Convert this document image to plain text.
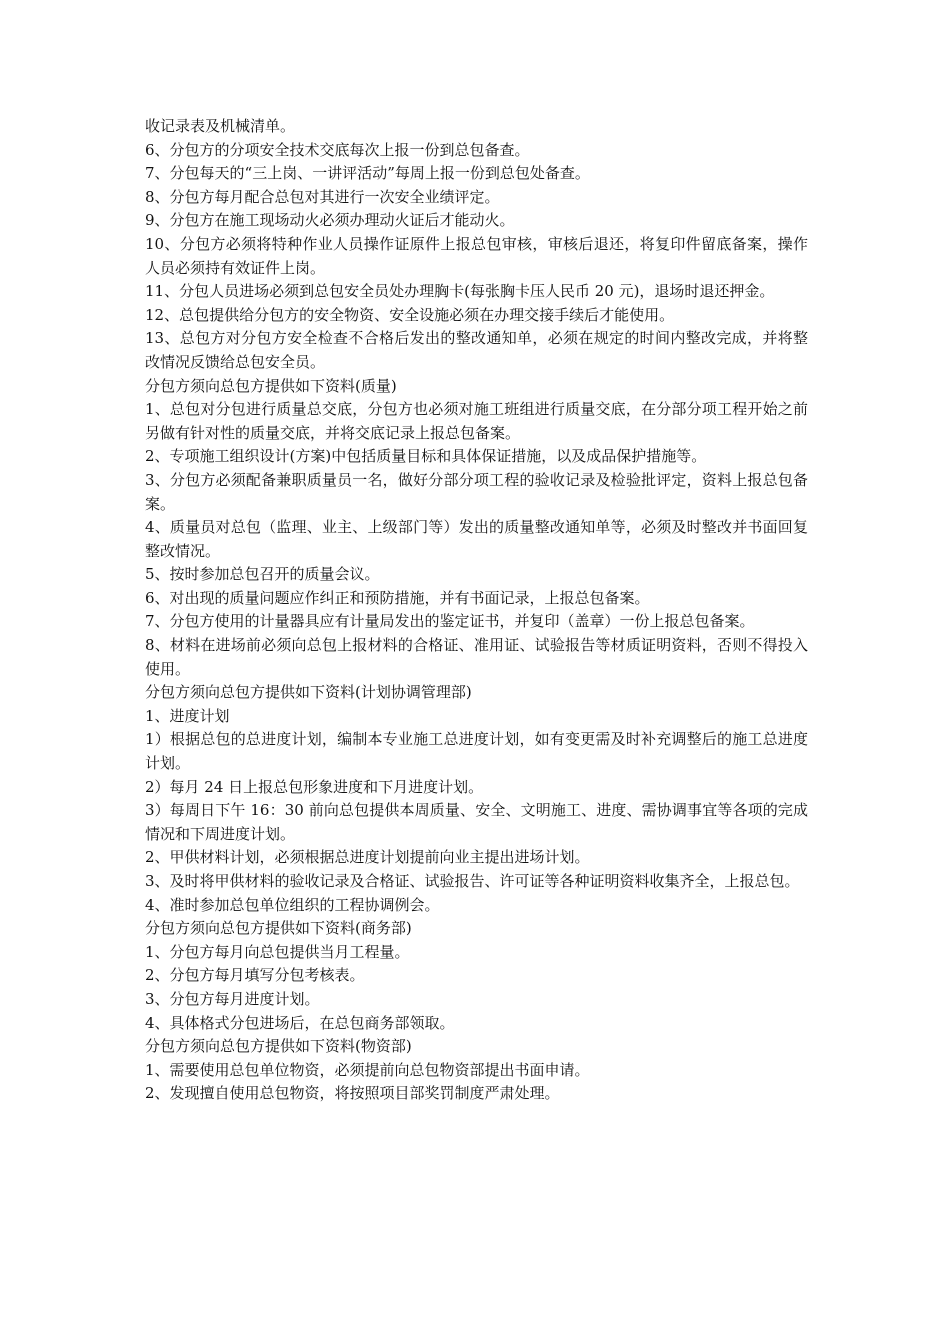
收记录表及机械清单。

6、分包方的分项安全技术交底每次上报一份到总包备查。

7、分包每天的“三上岗、一讲评活动”每周上报一份到总包处备查。

8、分包方每月配合总包对其进行一次安全业绩评定。

9、分包方在施工现场动火必须办理动火证后才能动火。

10、分包方必须将特种作业人员操作证原件上报总包审核，审核后退还，将复印件留底备案，操作人员必须持有效证件上岗。

11、分包人员进场必须到总包安全员处办理胸卡(每张胸卡压人民币 20 元)，退场时退还押金。

12、总包提供给分包方的安全物资、安全设施必须在办理交接手续后才能使用。

13、总包方对分包方安全检查不合格后发出的整改通知单，必须在规定的时间内整改完成，并将整改情况反馈给总包安全员。

分包方须向总包方提供如下资料(质量)

1、总包对分包进行质量总交底，分包方也必须对施工班组进行质量交底，在分部分项工程开始之前另做有针对性的质量交底，并将交底记录上报总包备案。

2、专项施工组织设计(方案)中包括质量目标和具体保证措施，以及成品保护措施等。

3、分包方必须配备兼职质量员一名，做好分部分项工程的验收记录及检验批评定，资料上报总包备案。

4、质量员对总包（监理、业主、上级部门等）发出的质量整改通知单等，必须及时整改并书面回复整改情况。

5、按时参加总包召开的质量会议。

6、对出现的质量问题应作纠正和预防措施，并有书面记录，上报总包备案。

7、分包方使用的计量器具应有计量局发出的鉴定证书，并复印（盖章）一份上报总包备案。

8、材料在进场前必须向总包上报材料的合格证、准用证、试验报告等材质证明资料，否则不得投入使用。

分包方须向总包方提供如下资料(计划协调管理部)

1、进度计划

1）根据总包的总进度计划，编制本专业施工总进度计划，如有变更需及时补充调整后的施工总进度计划。

2）每月 24 日上报总包形象进度和下月进度计划。

3）每周日下午 16：30 前向总包提供本周质量、安全、文明施工、进度、需协调事宜等各项的完成情况和下周进度计划。

2、甲供材料计划，必须根据总进度计划提前向业主提出进场计划。

3、及时将甲供材料的验收记录及合格证、试验报告、许可证等各种证明资料收集齐全，上报总包。

4、准时参加总包单位组织的工程协调例会。

分包方须向总包方提供如下资料(商务部)

1、分包方每月向总包提供当月工程量。

2、分包方每月填写分包考核表。

3、分包方每月进度计划。

4、具体格式分包进场后，在总包商务部领取。

分包方须向总包方提供如下资料(物资部)

1、需要使用总包单位物资，必须提前向总包物资部提出书面申请。

2、发现擅自使用总包物资，将按照项目部奖罚制度严肃处理。
